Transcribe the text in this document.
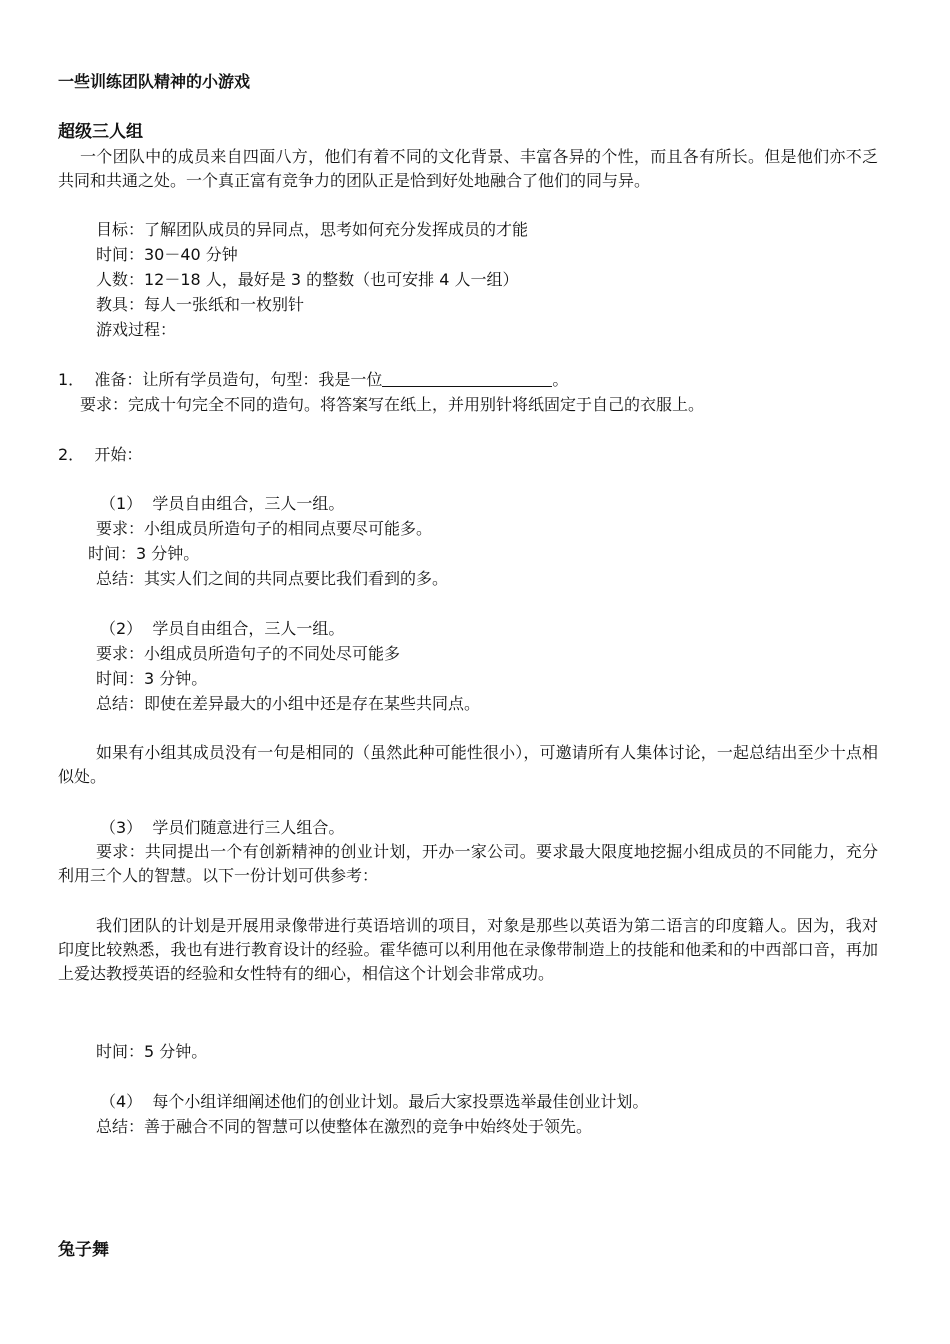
一些训练团队精神的小游戏
超级三人组
一个团队中的成员来自四面八方，他们有着不同的文化背景、丰富各异的个性，而且各有所长。但是他们亦不乏共同和共通之处。一个真正富有竞争力的团队正是恰到好处地融合了他们的同与异。
目标：了解团队成员的异同点，思考如何充分发挥成员的才能
时间：30－40 分钟
人数：12－18 人，最好是 3 的整数（也可安排 4 人一组）
教具：每人一张纸和一枚别针
游戏过程：
1．  准备：让所有学员造句，句型：我是一位	。
要求：完成十句完全不同的造句。将答案写在纸上，并用别针将纸固定于自己的衣服上。
2．  开始：
（1）  学员自由组合，三人一组。
要求：小组成员所造句子的相同点要尽可能多。
时间：3 分钟。
总结：其实人们之间的共同点要比我们看到的多。
（2）  学员自由组合，三人一组。
要求：小组成员所造句子的不同处尽可能多
时间：3 分钟。
总结：即使在差异最大的小组中还是存在某些共同点。
如果有小组其成员没有一句是相同的（虽然此种可能性很小），可邀请所有人集体讨论，一起总结出至少十点相似处。
（3）  学员们随意进行三人组合。
要求：共同提出一个有创新精神的创业计划，开办一家公司。要求最大限度地挖掘小组成员的不同能力，充分利用三个人的智慧。以下一份计划可供参考：
我们团队的计划是开展用录像带进行英语培训的项目，对象是那些以英语为第二语言的印度籍人。因为，我对印度比较熟悉，我也有进行教育设计的经验。霍华德可以利用他在录像带制造上的技能和他柔和的中西部口音，再加上爱达教授英语的经验和女性特有的细心，相信这个计划会非常成功。
时间：5 分钟。
（4）  每个小组详细阐述他们的创业计划。最后大家投票选举最佳创业计划。
总结：善于融合不同的智慧可以使整体在激烈的竞争中始终处于领先。
兔子舞
